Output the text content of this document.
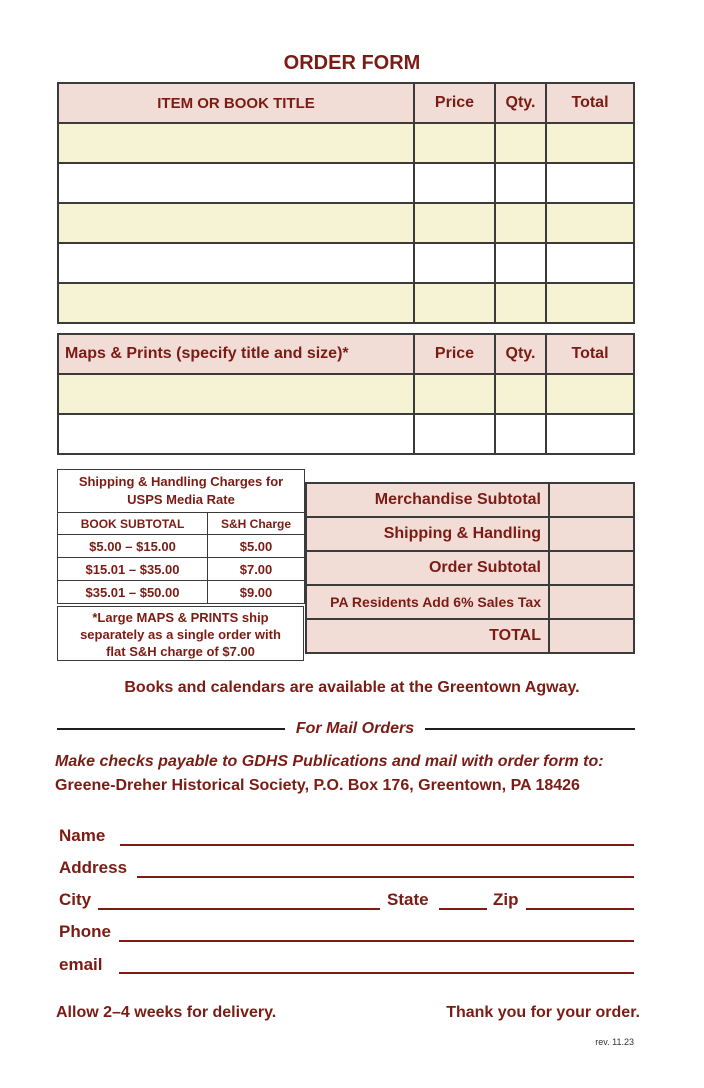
ORDER FORM
ITEM OR BOOK TITLE	Price	Qty.	Total

Maps & Prints (specify title and size)*	Price	Qty.	Total

Shipping & Handling Charges for
USPS Media Rate	

BOOK SUBTOTAL	S&H Charge
$5.00 – $15.00	$5.00
$15.01 – $35.00	$7.00
$35.01 – $50.00	$9.00
*Large MAPS & PRINTS ship
separately as a single order with
flat S&H charge of $7.00
Merchandise Subtotal	
Shipping & Handling	
Order Subtotal	
PA Residents Add 6% Sales Tax	
TOTAL	
Books and calendars are available at the Greentown Agway.
For Mail Orders
Make checks payable to GDHS Publications and mail with order form to:
Greene-Dreher Historical Society, P.O. Box 176, Greentown, PA 18426
Name
Address
City	State	Zip
Phone
email
Allow 2–4 weeks for delivery.	Thank you for your order.
rev. 11.23
